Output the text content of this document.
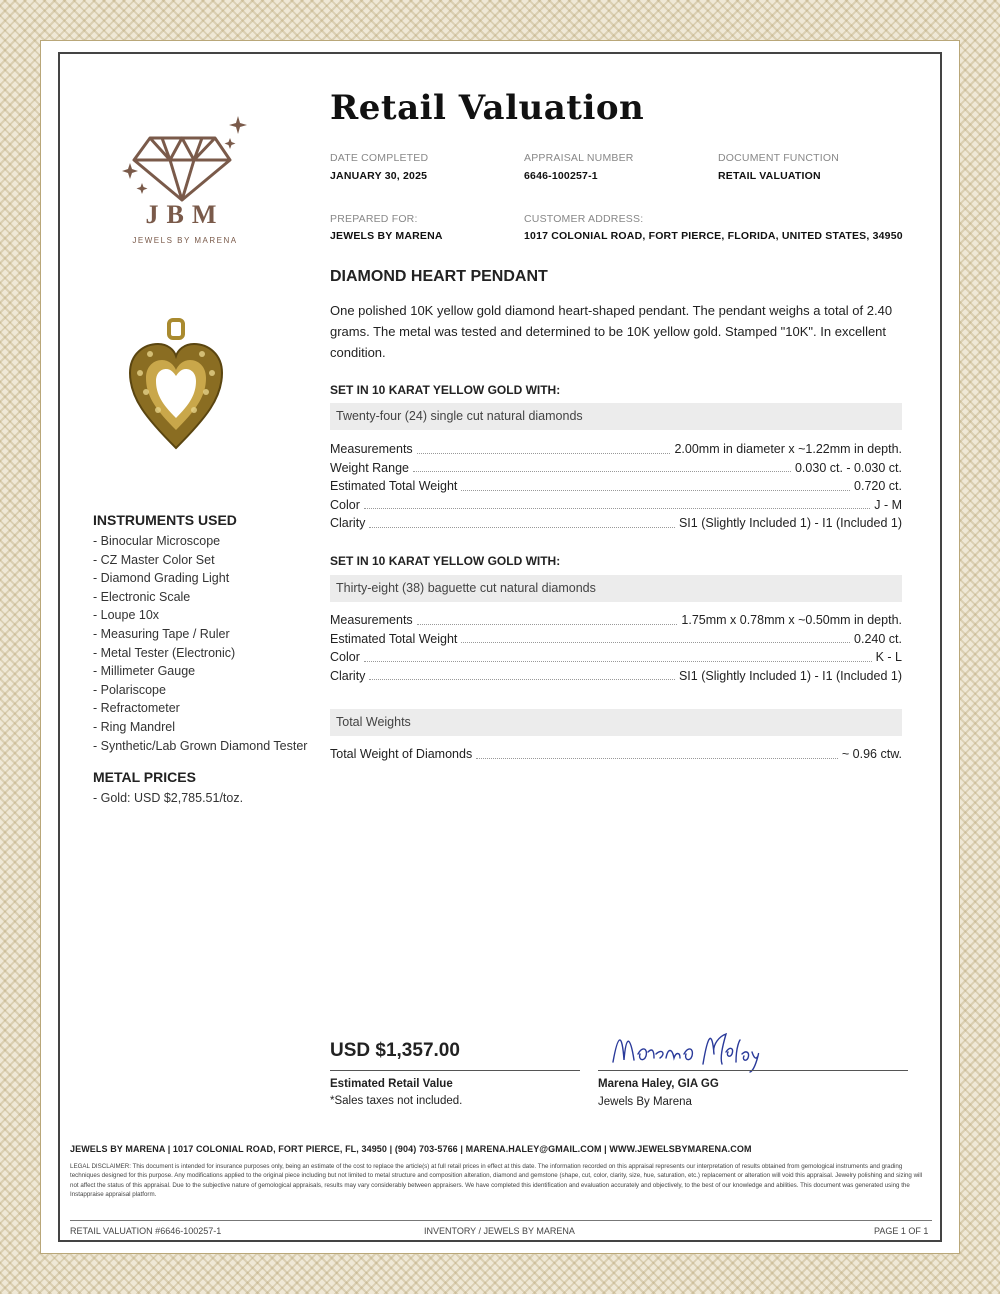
JBM
JEWELS BY MARENA
INSTRUMENTS USED
- Binocular Microscope
- CZ Master Color Set
- Diamond Grading Light
- Electronic Scale
- Loupe 10x
- Measuring Tape / Ruler
- Metal Tester (Electronic)
- Millimeter Gauge
- Polariscope
- Refractometer
- Ring Mandrel
- Synthetic/Lab Grown Diamond Tester
METAL PRICES
- Gold: USD $2,785.51/toz.
Retail Valuation
DATE COMPLETED
JANUARY 30, 2025
APPRAISAL NUMBER
6646-100257-1
DOCUMENT FUNCTION
RETAIL VALUATION
PREPARED FOR:
JEWELS BY MARENA
CUSTOMER ADDRESS:
1017 COLONIAL ROAD, FORT PIERCE, FLORIDA, UNITED STATES, 34950
DIAMOND HEART PENDANT
One polished 10K yellow gold diamond heart-shaped pendant. The pendant weighs a total of 2.40 grams. The metal was tested and determined to be 10K yellow gold. Stamped "10K". In excellent condition.
SET IN 10 KARAT YELLOW GOLD WITH:
Twenty-four (24) single cut natural diamonds
Measurements	2.00mm in diameter x ~1.22mm in depth.
Weight Range	0.030 ct. - 0.030 ct.
Estimated Total Weight	0.720 ct.
Color	J - M
Clarity	SI1 (Slightly Included 1) - I1 (Included 1)
SET IN 10 KARAT YELLOW GOLD WITH:
Thirty-eight (38) baguette cut natural diamonds
Measurements	1.75mm x 0.78mm x ~0.50mm in depth.
Estimated Total Weight	0.240 ct.
Color	K - L
Clarity	SI1 (Slightly Included 1) - I1 (Included 1)
Total Weights
Total Weight of Diamonds	~ 0.96 ctw.
USD $1,357.00
Estimated Retail Value
*Sales taxes not included.
Marena Haley, GIA GG
Jewels By Marena
JEWELS BY MARENA | 1017 COLONIAL ROAD, FORT PIERCE, FL, 34950 | (904) 703-5766 | MARENA.HALEY@GMAIL.COM | WWW.JEWELSBYMARENA.COM
LEGAL DISCLAIMER: This document is intended for insurance purposes only, being an estimate of the cost to replace the article(s) at full retail prices in effect at this date. The information recorded on this appraisal represents our interpretation of results obtained from gemological instruments and grading techniques designed for this purpose. Any modifications applied to the original piece including but not limited to metal structure and composition alteration, diamond and gemstone (shape, cut, color, clarity, size, hue, saturation, etc.) replacement or alteration will void this appraisal. Jewelry polishing and sizing will not affect the status of this appraisal. Due to the subjective nature of gemological appraisals, results may vary considerably between appraisers. We have completed this identification and evaluation accurately and objectively, to the best of our knowledge and abilities. This document was generated using the Instappraise appraisal platform.
RETAIL VALUATION #6646-100257-1	INVENTORY / JEWELS BY MARENA	PAGE 1 OF 1
